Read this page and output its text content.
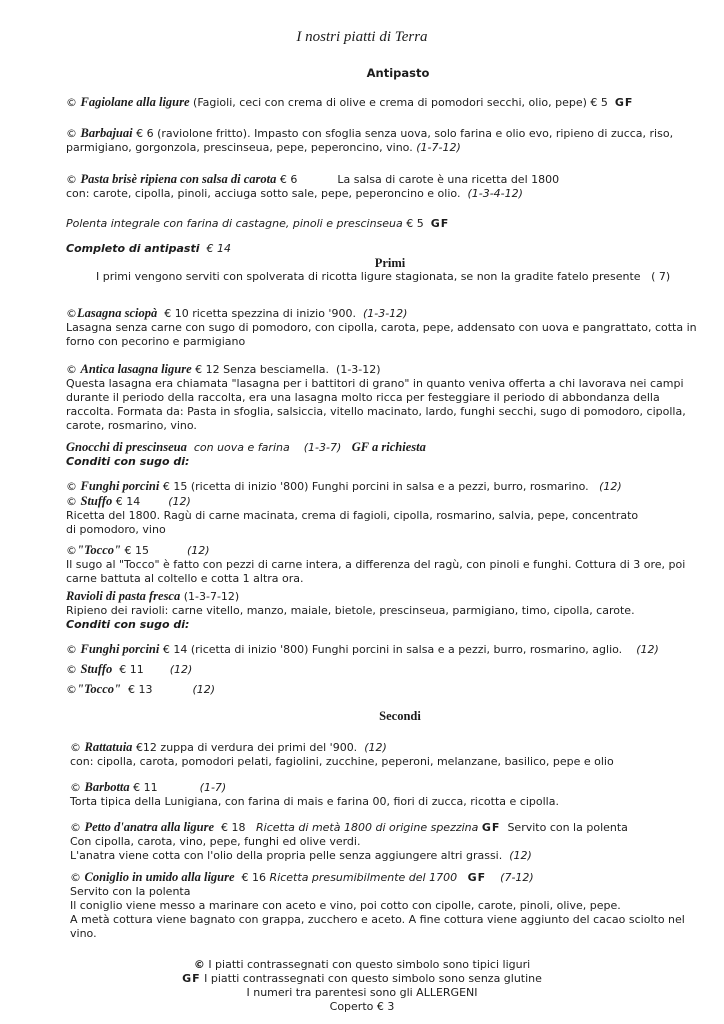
I nostri piatti di Terra
Antipasto

© Fagiolane alla ligure (Fagioli, ceci con crema di olive e crema di pomodori secchi, olio, pepe) € 5 GF

© Barbajuai € 6 (raviolone fritto). Impasto con sfoglia senza uova, solo farina e olio evo, ripieno di zucca, riso,

parmigiano, gorgonzola, prescinseua, pepe, peperoncino, vino. (1-7-12)

© Pasta brisè ripiena con salsa di carota € 6	La salsa di carote è una ricetta del 1800

con: carote, cipolla, pinoli, acciuga sotto sale, pepe, peperoncino e olio. (1-3-4-12)

Polenta integrale con farina di castagne, pinoli e prescinseua € 5 GF

Completo di antipasti € 14

Primi

I primi vengono serviti con spolverata di ricotta ligure stagionata, se non la gradite fatelo presente ( 7)

©Lasagna sciopà € 10 ricetta spezzina di inizio '900. (1-3-12)

Lasagna senza carne con sugo di pomodoro, con cipolla, carota, pepe, addensato con uova e pangrattato, cotta in

forno con pecorino e parmigiano

© Antica lasagna ligure € 12 Senza besciamella. (1-3-12)

Questa lasagna era chiamata "lasagna per i battitori di grano" in quanto veniva offerta a chi lavorava nei campi

durante il periodo della raccolta, era una lasagna molto ricca per festeggiare il periodo di abbondanza della

raccolta. Formata da: Pasta in sfoglia, salsiccia, vitello macinato, lardo, funghi secchi, sugo di pomodoro, cipolla,

carote, rosmarino, vino.

Gnocchi di prescinseua con uova e farina (1-3-7) GF a richiesta

Conditi con sugo di:

© Funghi porcini € 15 (ricetta di inizio '800) Funghi porcini in salsa e a pezzi, burro, rosmarino. (12)

© Stuffo € 14	(12)

Ricetta del 1800. Ragù di carne macinata, crema di fagioli, cipolla, rosmarino, salvia, pepe, concentrato

di pomodoro, vino

©"Tocco" € 15	(12)

Il sugo al "Tocco" è fatto con pezzi di carne intera, a differenza del ragù, con pinoli e funghi. Cottura di 3 ore, poi

carne battuta al coltello e cotta 1 altra ora.

Ravioli di pasta fresca (1-3-7-12)

Ripieno dei ravioli: carne vitello, manzo, maiale, bietole, prescinseua, parmigiano, timo, cipolla, carote.

Conditi con sugo di:

© Funghi porcini € 14 (ricetta di inizio '800) Funghi porcini in salsa e a pezzi, burro, rosmarino, aglio. (12)

© Stuffo € 11 (12)

©"Tocco" € 13	(12)

Secondi

© Rattatuia €12 zuppa di verdura dei primi del '900. (12)

con: cipolla, carota, pomodori pelati, fagiolini, zucchine, peperoni, melanzane, basilico, pepe e olio

© Barbotta € 11	(1-7)

Torta tipica della Lunigiana, con farina di mais e farina 00, fiori di zucca, ricotta e cipolla.

© Petto d'anatra alla ligure € 18 Ricetta di metà 1800 di origine spezzina GF Servito con la polenta

Con cipolla, carota, vino, pepe, funghi ed olive verdi.

L'anatra viene cotta con l'olio della propria pelle senza aggiungere altri grassi. (12)

© Coniglio in umido alla ligure € 16 Ricetta presumibilmente del 1700 GF (7-12)

Servito con la polenta

Il coniglio viene messo a marinare con aceto e vino, poi cotto con cipolle, carote, pinoli, olive, pepe.

A metà cottura viene bagnato con grappa, zucchero e aceto. A fine cottura viene aggiunto del cacao sciolto nel

vino.

© I piatti contrassegnati con questo simbolo sono tipici liguri

GF I piatti contrassegnati con questo simbolo sono senza glutine

I numeri tra parentesi sono gli ALLERGENI

Coperto € 3
